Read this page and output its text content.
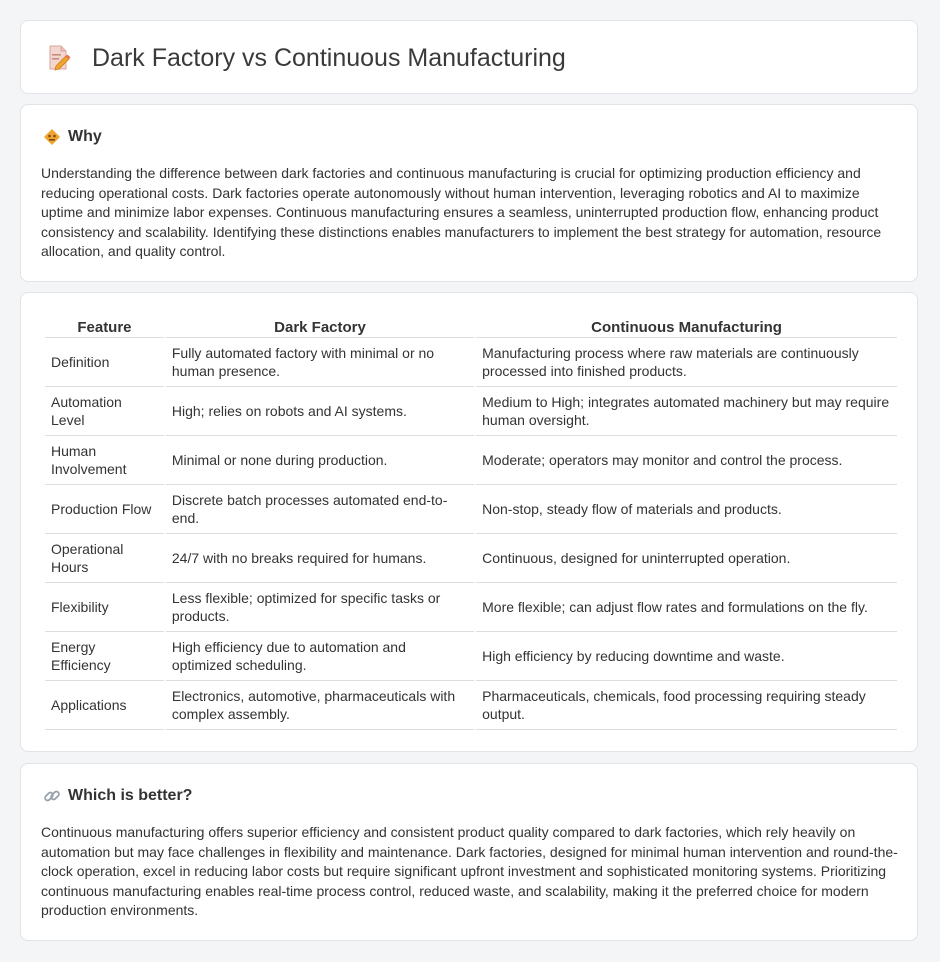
Dark Factory vs Continuous Manufacturing
Why

Understanding the difference between dark factories and continuous manufacturing is crucial for optimizing production efficiency and reducing operational costs. Dark factories operate autonomously without human intervention, leveraging robotics and AI to maximize uptime and minimize labor expenses. Continuous manufacturing ensures a seamless, uninterrupted production flow, enhancing product consistency and scalability. Identifying these distinctions enables manufacturers to implement the best strategy for automation, resource allocation, and quality control.

Feature	Dark Factory	Continuous Manufacturing
Definition	Fully automated factory with minimal or no human presence.	Manufacturing process where raw materials are continuously processed into finished products.
Automation Level	High; relies on robots and AI systems.	Medium to High; integrates automated machinery but may require human oversight.
Human Involvement	Minimal or none during production.	Moderate; operators may monitor and control the process.
Production Flow	Discrete batch processes automated end-to-end.	Non-stop, steady flow of materials and products.
Operational Hours	24/7 with no breaks required for humans.	Continuous, designed for uninterrupted operation.
Flexibility	Less flexible; optimized for specific tasks or products.	More flexible; can adjust flow rates and formulations on the fly.
Energy Efficiency	High efficiency due to automation and optimized scheduling.	High efficiency by reducing downtime and waste.
Applications	Electronics, automotive, pharmaceuticals with complex assembly.	Pharmaceuticals, chemicals, food processing requiring steady output.
Which is better?

Continuous manufacturing offers superior efficiency and consistent product quality compared to dark factories, which rely heavily on automation but may face challenges in flexibility and maintenance. Dark factories, designed for minimal human intervention and round-the-clock operation, excel in reducing labor costs but require significant upfront investment and sophisticated monitoring systems. Prioritizing continuous manufacturing enables real-time process control, reduced waste, and scalability, making it the preferred choice for modern production environments.
